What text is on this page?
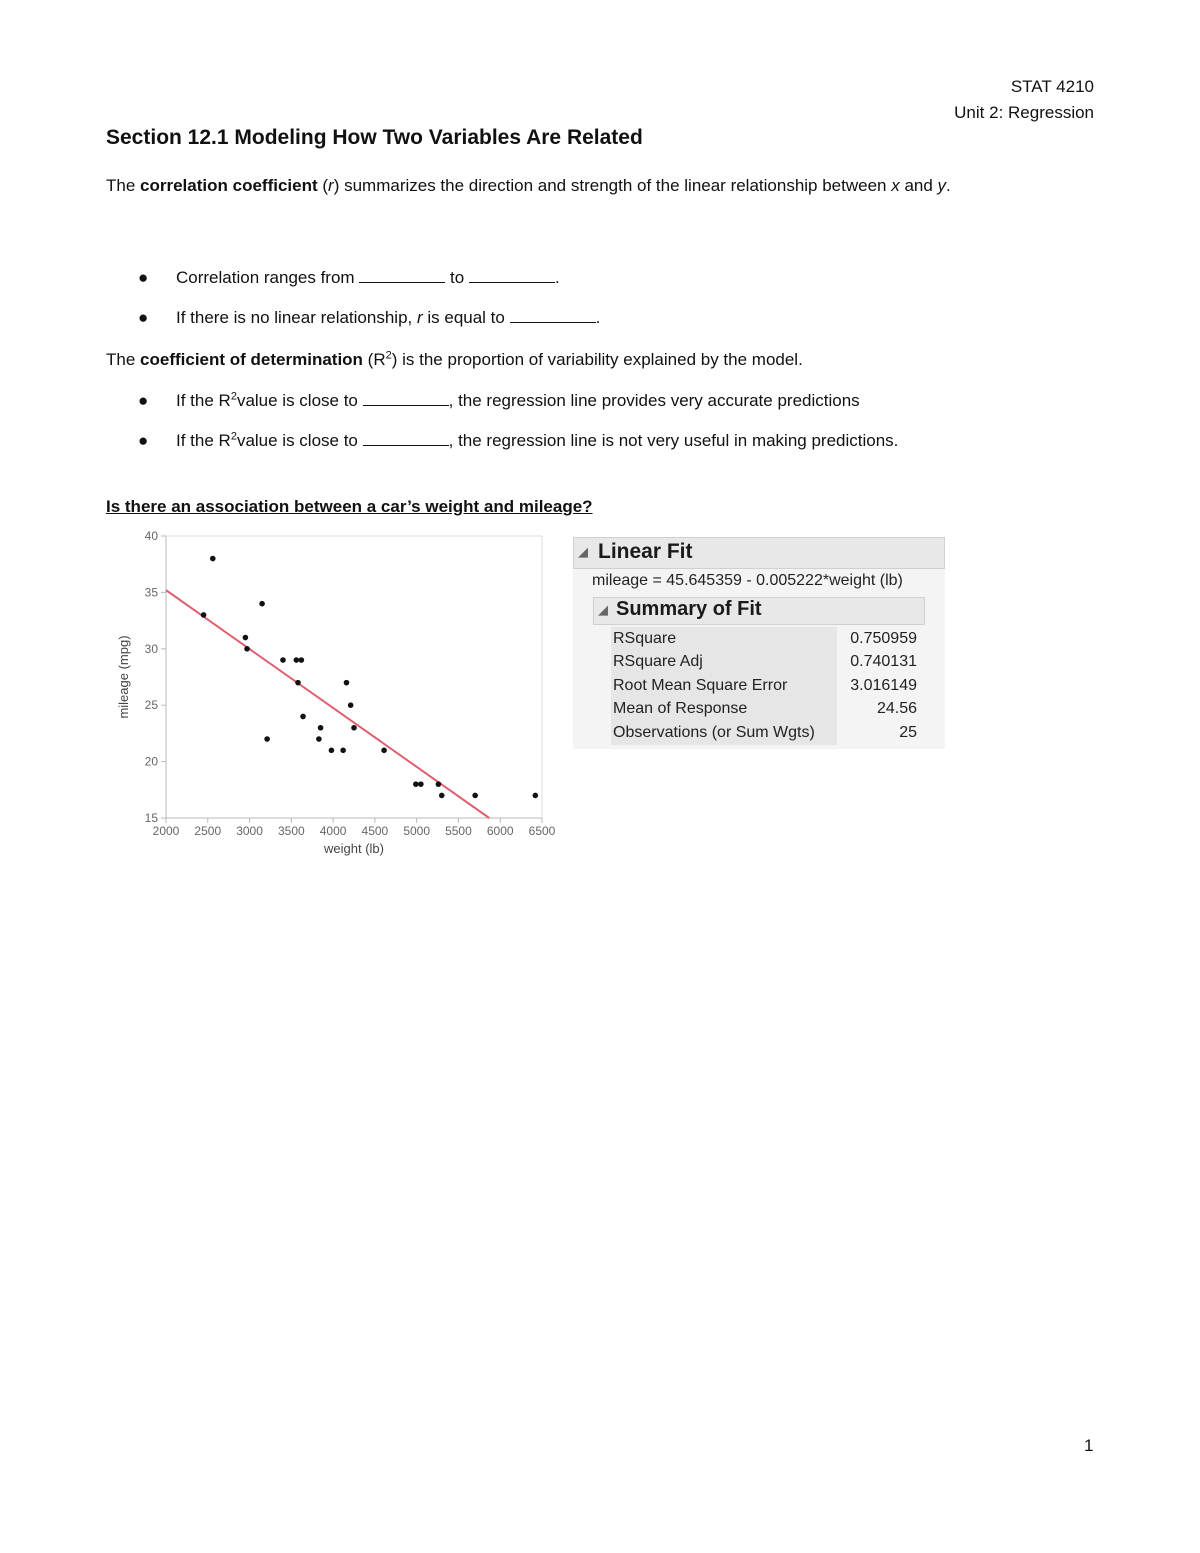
STAT 4210
Unit 2: Regression
Section 12.1 Modeling How Two Variables Are Related

The correlation coefficient (r) summarizes the direction and strength of the linear relationship between x and y.

● Correlation ranges from	to	.
● If there is no linear relationship, r is equal to	.

The coefficient of determination $(R^2)$ is the proportion of variability explained by the model.

● If the $R^2value$ is close to	, the regression line provides very accurate predictions
● If the $R^2value$ is close to	, the regression line is not very useful in making predictions.

Is there an association between a car’s weight and mileage?

15
20
25
30
35
40
2000 2500 3000 3500 4000 4500 5000 5500 6000 6500
weight (lb)
mileage (mpg)
◢ Linear Fit
mileage = 45.645359 - 0.005222*weight (lb)
◢ Summary of Fit
RSquare	0.750959
RSquare Adj	0.740131
Root Mean Square Error	3.016149
Mean of Response	24.56
Observations (or Sum Wgts)	25
1
